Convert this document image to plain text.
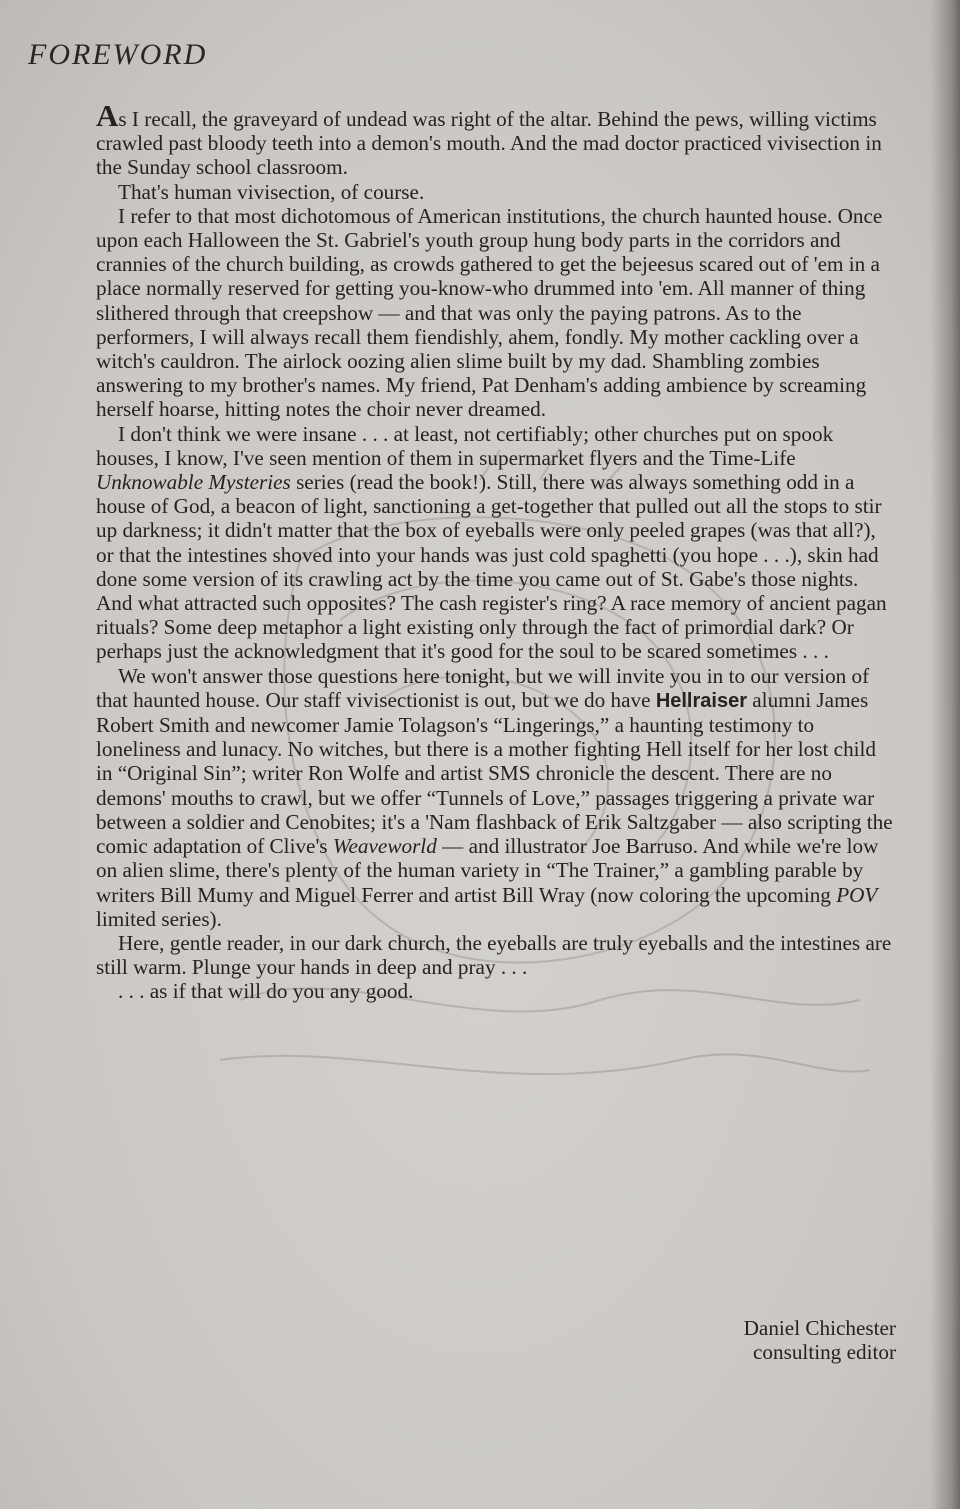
FOREWORD

As I recall, the graveyard of undead was right of the altar. Behind the pews, willing victims crawled past bloody teeth into a demon's mouth. And the mad doctor practiced vivisection in the Sunday school classroom.

That's human vivisection, of course.

I refer to that most dichotomous of American institutions, the church haunted house. Once upon each Halloween the St. Gabriel's youth group hung body parts in the corridors and crannies of the church building, as crowds gathered to get the bejeesus scared out of 'em in a place normally reserved for getting you-know-who drummed into 'em. All manner of thing slithered through that creepshow — and that was only the paying patrons. As to the performers, I will always recall them fiendishly, ahem, fondly. My mother cackling over a witch's cauldron. The airlock oozing alien slime built by my dad. Shambling zombies answering to my brother's names. My friend, Pat Denham's adding ambience by screaming herself hoarse, hitting notes the choir never dreamed.

I don't think we were insane . . . at least, not certifiably; other churches put on spook houses, I know, I've seen mention of them in supermarket flyers and the Time-Life Unknowable Mysteries series (read the book!). Still, there was always something odd in a house of God, a beacon of light, sanctioning a get-together that pulled out all the stops to stir up darkness; it didn't matter that the box of eyeballs were only peeled grapes (was that all?), or that the intestines shoved into your hands was just cold spaghetti (you hope . . .), skin had done some version of its crawling act by the time you came out of St. Gabe's those nights. And what attracted such opposites? The cash register's ring? A race memory of ancient pagan rituals? Some deep metaphor a light existing only through the fact of primordial dark? Or perhaps just the acknowledgment that it's good for the soul to be scared sometimes . . .

We won't answer those questions here tonight, but we will invite you in to our version of that haunted house. Our staff vivisectionist is out, but we do have Hellraiser alumni James Robert Smith and newcomer Jamie Tolagson's “Lingerings,” a haunting testimony to loneliness and lunacy. No witches, but there is a mother fighting Hell itself for her lost child in “Original Sin”; writer Ron Wolfe and artist SMS chronicle the descent. There are no demons' mouths to crawl, but we offer “Tunnels of Love,” passages triggering a private war between a soldier and Cenobites; it's a 'Nam flashback of Erik Saltzgaber — also scripting the comic adaptation of Clive's Weaveworld — and illustrator Joe Barruso. And while we're low on alien slime, there's plenty of the human variety in “The Trainer,” a gambling parable by writers Bill Mumy and Miguel Ferrer and artist Bill Wray (now coloring the upcoming POV limited series).

Here, gentle reader, in our dark church, the eyeballs are truly eyeballs and the intestines are still warm. Plunge your hands in deep and pray . . .

. . . as if that will do you any good.

Daniel Chichester
consulting editor
